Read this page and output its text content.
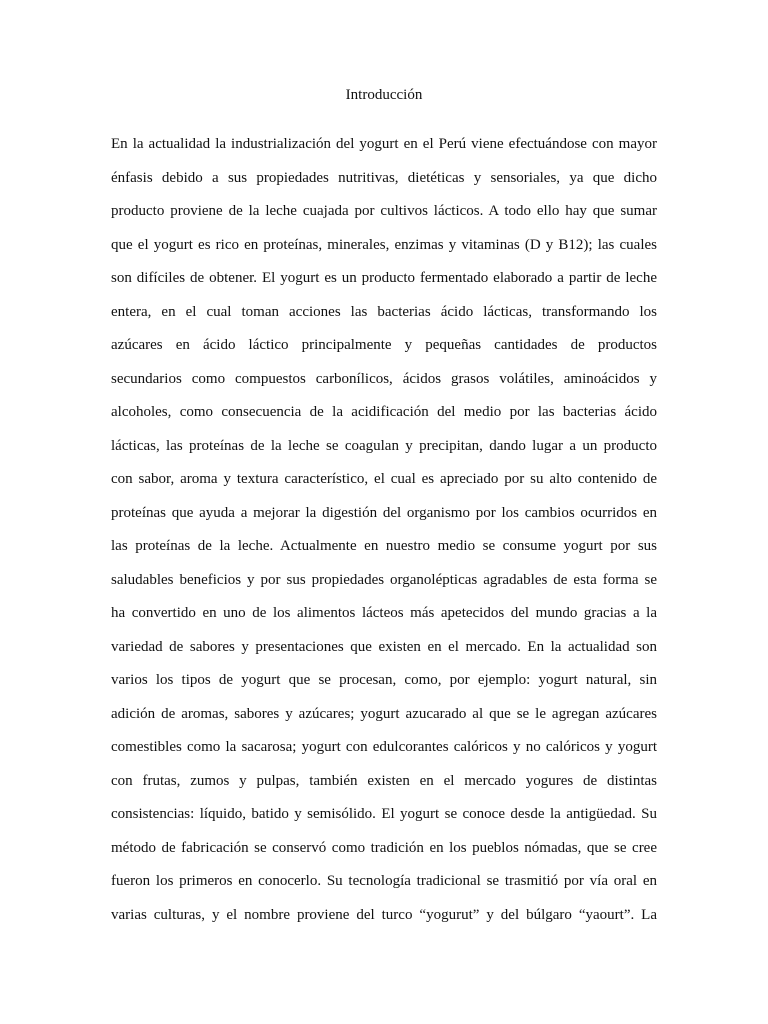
Introducción
En la actualidad la industrialización del yogurt en el Perú viene efectuándose con mayor
énfasis debido a sus propiedades nutritivas, dietéticas y sensoriales, ya que dicho
producto proviene de la leche cuajada por cultivos lácticos. A todo ello hay que sumar
que el yogurt es rico en proteínas, minerales, enzimas y vitaminas (D y B12); las cuales
son difíciles de obtener. El yogurt es un producto fermentado elaborado a partir de leche
entera, en el cual toman acciones las bacterias ácido lácticas, transformando los
azúcares en ácido láctico principalmente y pequeñas cantidades de productos
secundarios como compuestos carbonílicos, ácidos grasos volátiles, aminoácidos y
alcoholes, como consecuencia de la acidificación del medio por las bacterias ácido
lácticas, las proteínas de la leche se coagulan y precipitan, dando lugar a un producto
con sabor, aroma y textura característico, el cual es apreciado por su alto contenido de
proteínas que ayuda a mejorar la digestión del organismo por los cambios ocurridos en
las proteínas de la leche. Actualmente en nuestro medio se consume yogurt por sus
saludables beneficios y por sus propiedades organolépticas agradables de esta forma se
ha convertido en uno de los alimentos lácteos más apetecidos del mundo gracias a la
variedad de sabores y presentaciones que existen en el mercado. En la actualidad son
varios los tipos de yogurt que se procesan, como, por ejemplo: yogurt natural, sin
adición de aromas, sabores y azúcares; yogurt azucarado al que se le agregan azúcares
comestibles como la sacarosa; yogurt con edulcorantes calóricos y no calóricos y yogurt
con frutas, zumos y pulpas, también existen en el mercado yogures de distintas
consistencias: líquido, batido y semisólido. El yogurt se conoce desde la antigüedad. Su
método de fabricación se conservó como tradición en los pueblos nómadas, que se cree
fueron los primeros en conocerlo. Su tecnología tradicional se trasmitió por vía oral en
varias culturas, y el nombre proviene del turco “yogurut” y del búlgaro “yaourt”. La
